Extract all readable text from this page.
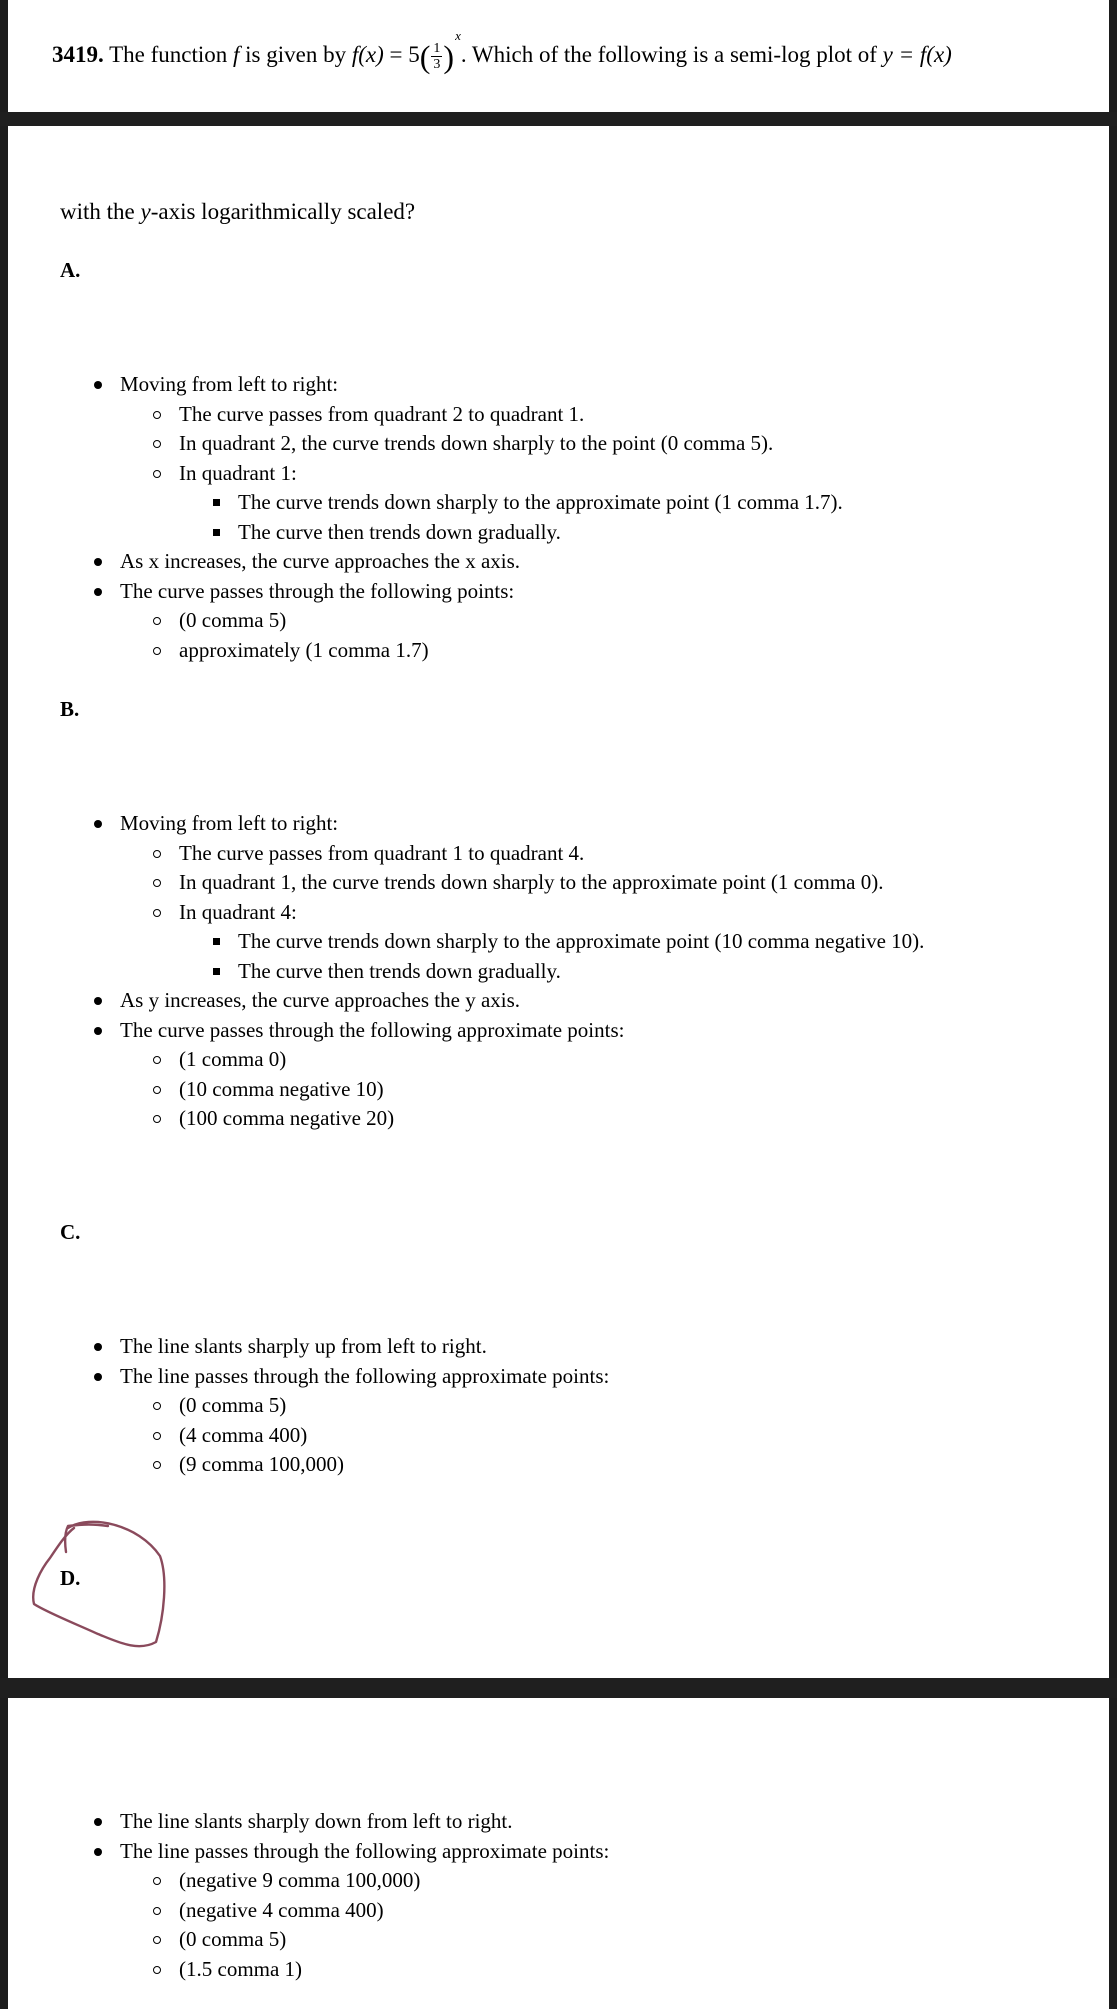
3419. The function f is given by $f(x) = 5( \frac{1}{3} )^x$. Which of the following is a semi-log plot of y = f(x)
with the y-axis logarithmically scaled?
A.
Moving from left to right:
The curve passes from quadrant 2 to quadrant 1.
In quadrant 2, the curve trends down sharply to the point (0 comma 5).
In quadrant 1:
The curve trends down sharply to the approximate point (1 comma 1.7).
The curve then trends down gradually.
As x increases, the curve approaches the x axis.
The curve passes through the following points:
(0 comma 5)
approximately (1 comma 1.7)
B.
Moving from left to right:
The curve passes from quadrant 1 to quadrant 4.
In quadrant 1, the curve trends down sharply to the approximate point (1 comma 0).
In quadrant 4:
The curve trends down sharply to the approximate point (10 comma negative 10).
The curve then trends down gradually.
As y increases, the curve approaches the y axis.
The curve passes through the following approximate points:
(1 comma 0)
(10 comma negative 10)
(100 comma negative 20)
C.
The line slants sharply up from left to right.
The line passes through the following approximate points:
(0 comma 5)
(4 comma 400)
(9 comma 100,000)
D.
The line slants sharply down from left to right.
The line passes through the following approximate points:
(negative 9 comma 100,000)
(negative 4 comma 400)
(0 comma 5)
(1.5 comma 1)
